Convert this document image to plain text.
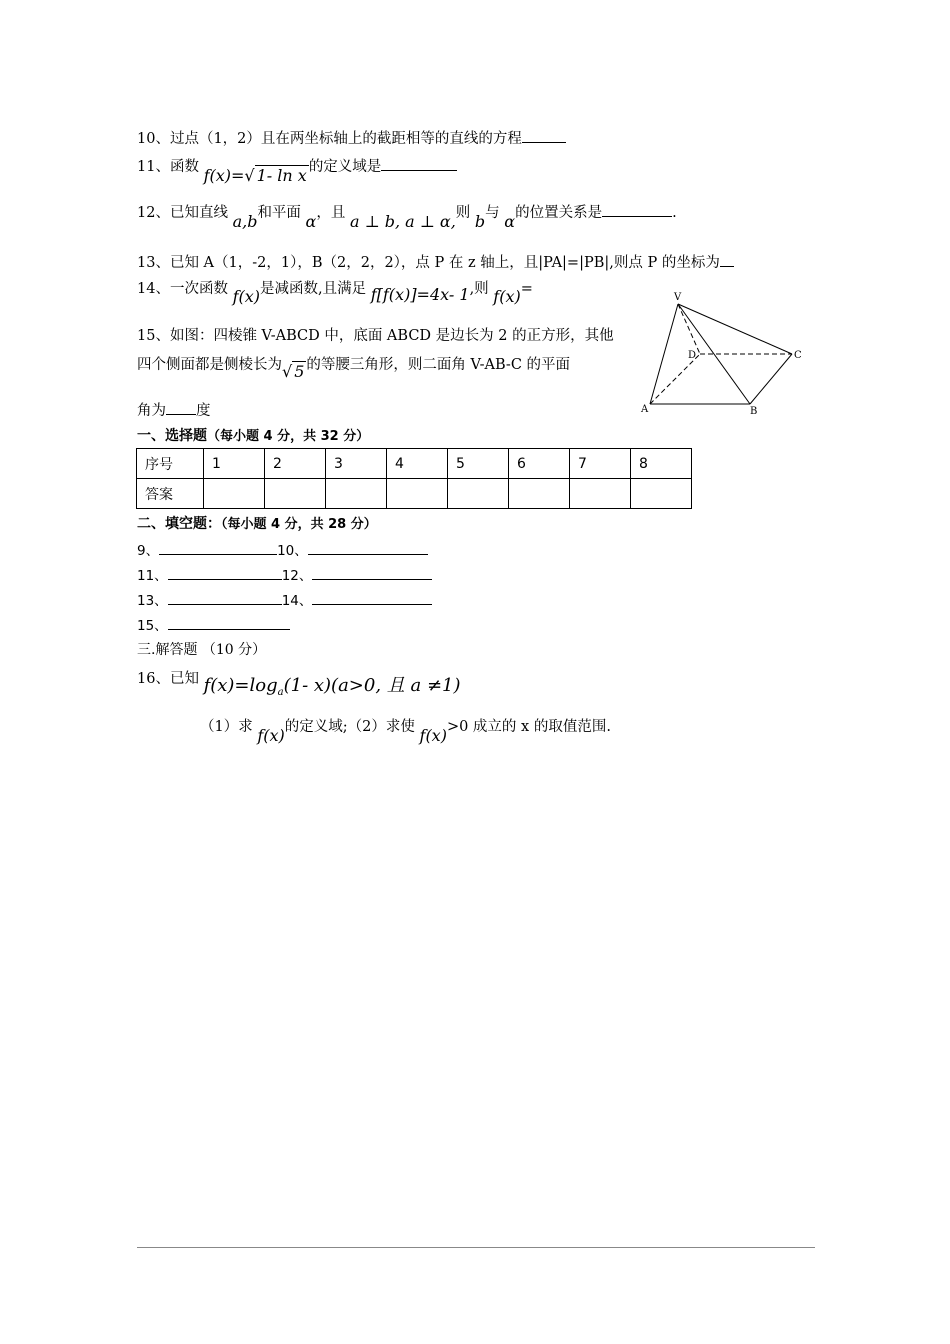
10、过点（1，2）且在两坐标轴上的截距相等的直线的方程
11、函数 f(x)=√ 1- ln x 的定义域是
12、已知直线 a,b和平面 α，且 a ⊥ b, a ⊥ α,则 b与 α的位置关系是	.
13、已知 A（1，-2，1），B（2，2，2），点 P 在 z 轴上，且|PA|=|PB|,则点 P 的坐标为
14、一次函数 f(x)是减函数,且满足 f[f(x)]=4x- 1,则 f(x)=
15、如图：四棱锥 V-ABCD 中，底面 ABCD 是边长为 2 的正方形，其他
四个侧面都是侧棱长为√ 5 的等腰三角形，则二面角 V-AB-C 的平面
角为 度
V
D	C
A	B
一、选择题（每小题 4 分，共 32 分）
序号	1	2	3	4	5	6	7	8
答案								
二、填空题：（每小题 4 分，共 28 分）
9、	10、
11、	12、
13、	14、
15、
三.解答题 （10 分）
16、已知 $f(x)=\log_a(1-$ x)(a>0, 且 a ≠1)
（1）求 f(x)的定义域;（2）求使 f(x)>0 成立的 x 的取值范围.
